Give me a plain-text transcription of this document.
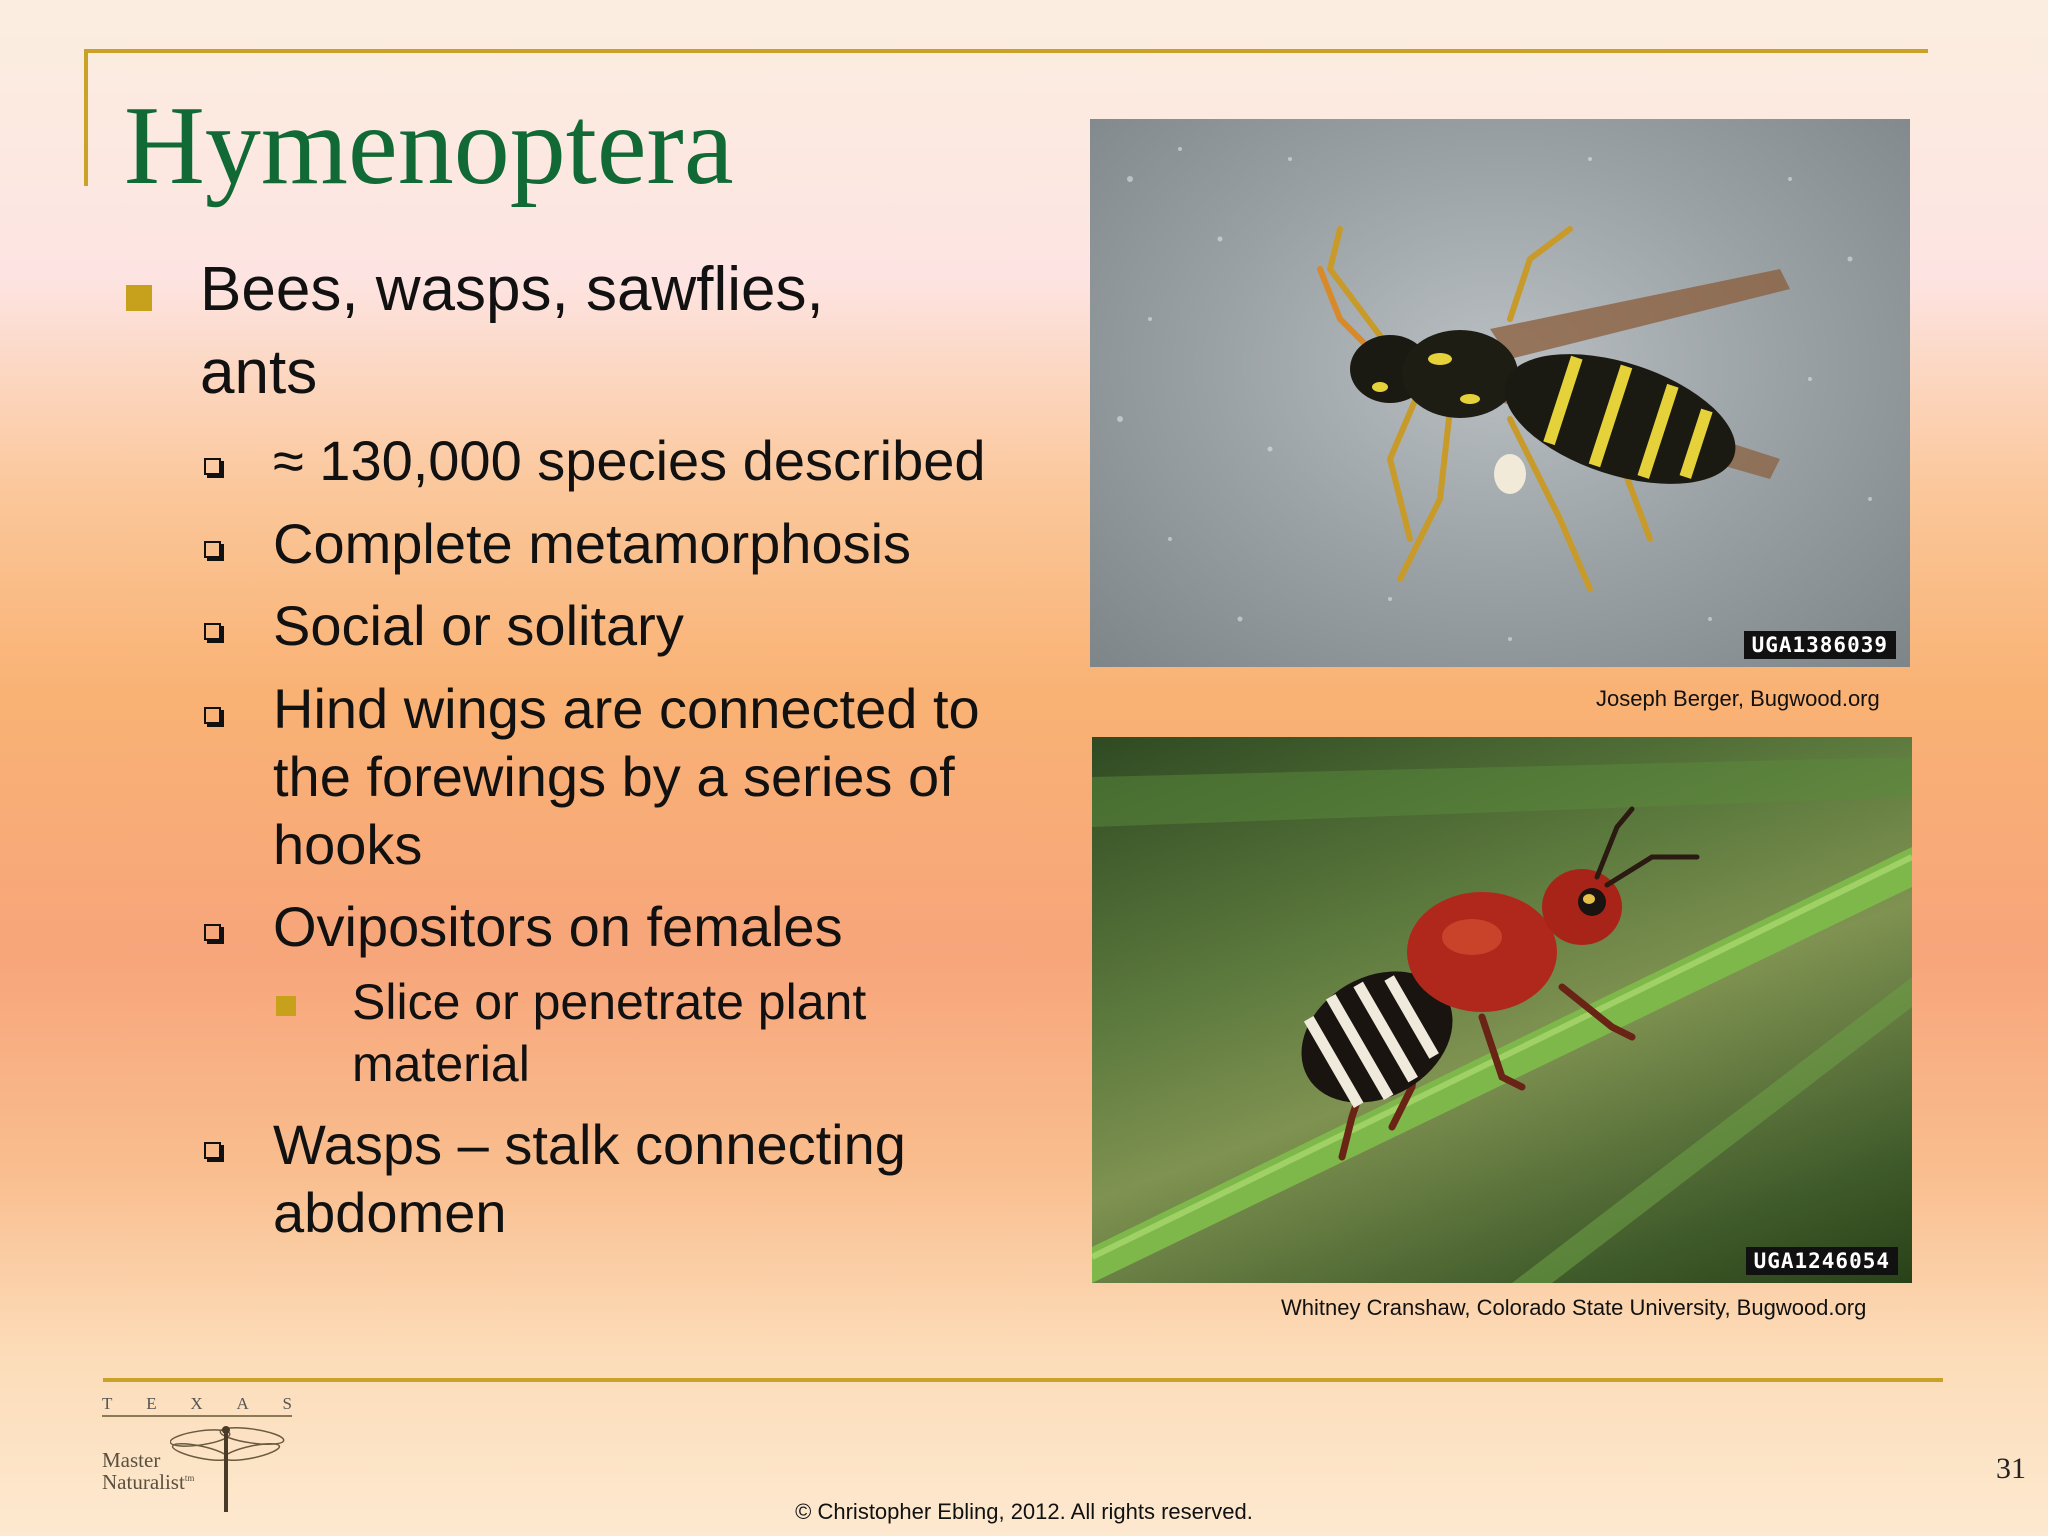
Hymenoptera
Bees, wasps, sawflies,
ants
≈ 130,000 species described
Complete metamorphosis
Social or solitary
Hind wings are connected to
the forewings by a series of
hooks
Ovipositors on females
Slice or penetrate plant
material
Wasps – stalk connecting
abdomen
UGA1386039
Joseph Berger, Bugwood.org
UGA1246054
Whitney Cranshaw, Colorado State University, Bugwood.org
T E X A S
Master
Naturalist$^{tm}$	31
© Christopher Ebling, 2012. All rights reserved.
